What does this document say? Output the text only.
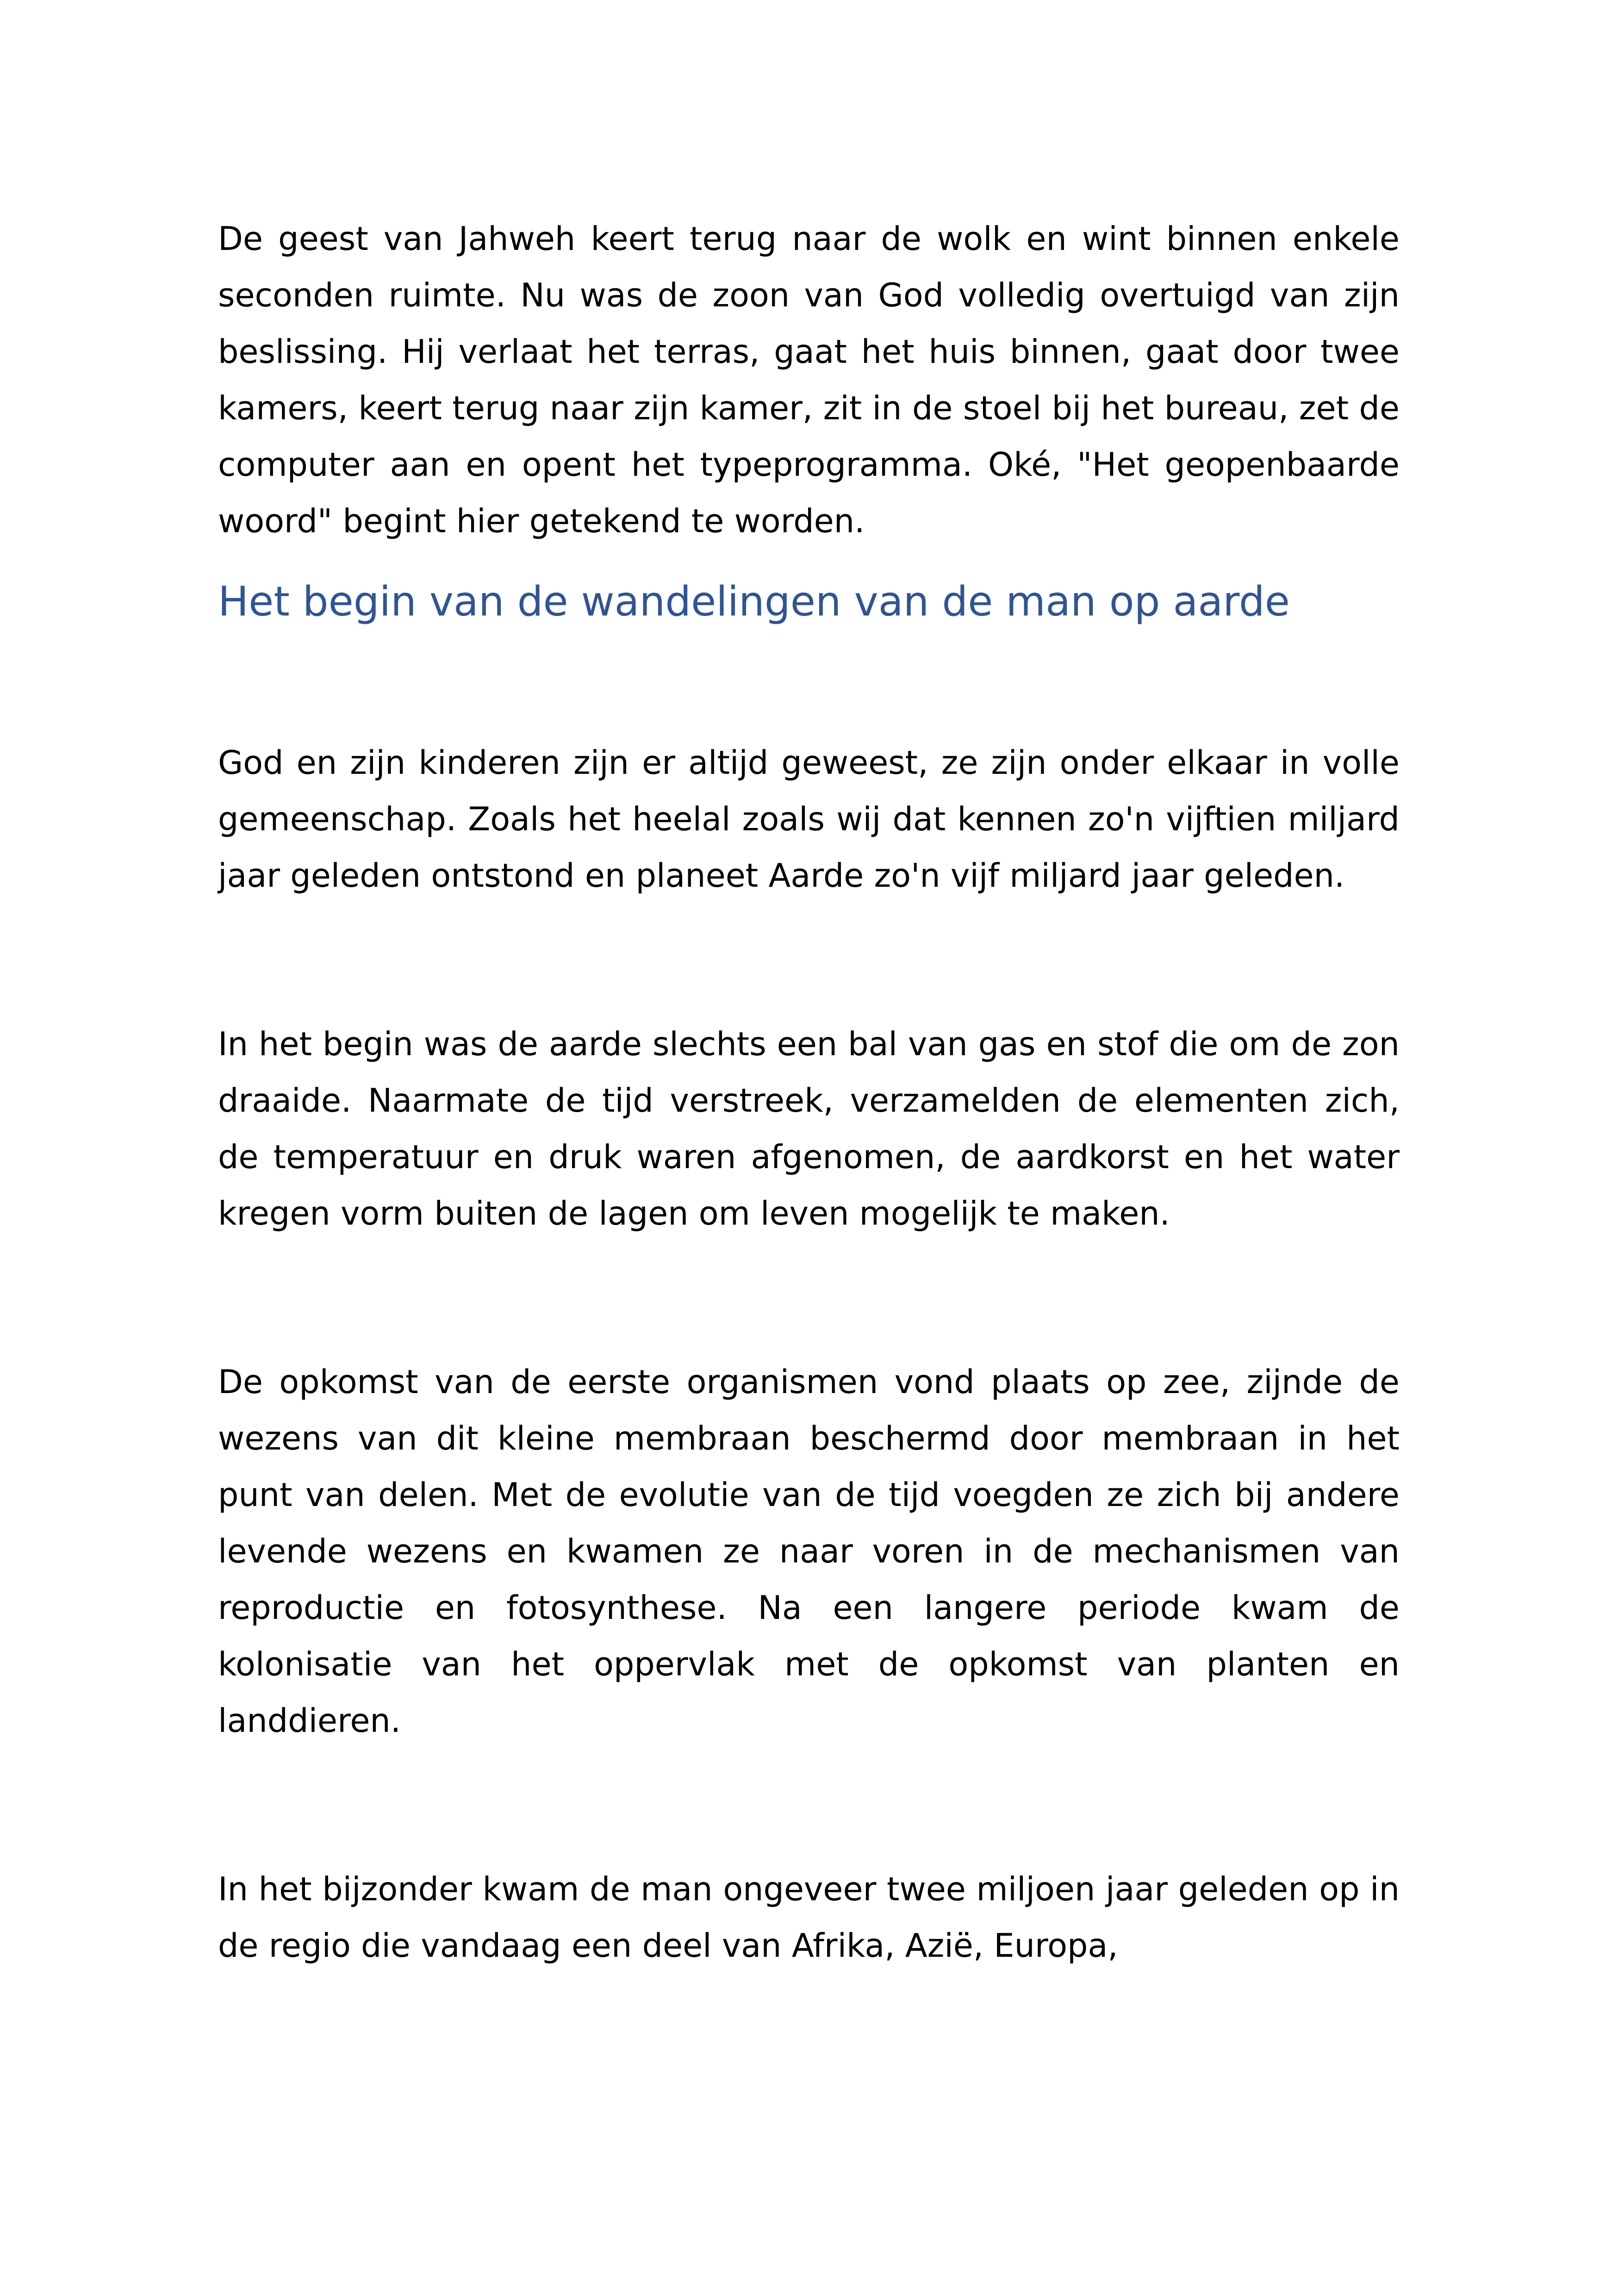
De geest van Jahweh keert terug naar de wolk en wint binnen enkele seconden ruimte. Nu was de zoon van God volledig overtuigd van zijn beslissing. Hij verlaat het terras, gaat het huis binnen, gaat door twee kamers, keert terug naar zijn kamer, zit in de stoel bij het bureau, zet de computer aan en opent het typeprogramma. Oké, "Het geopenbaarde woord" begint hier getekend te worden.

Het begin van de wandelingen van de man op aarde

God en zijn kinderen zijn er altijd geweest, ze zijn onder elkaar in volle gemeenschap. Zoals het heelal zoals wij dat kennen zo'n vijftien miljard jaar geleden ontstond en planeet Aarde zo'n vijf miljard jaar geleden.

In het begin was de aarde slechts een bal van gas en stof die om de zon draaide. Naarmate de tijd verstreek, verzamelden de elementen zich, de temperatuur en druk waren afgenomen, de aardkorst en het water kregen vorm buiten de lagen om leven mogelijk te maken.

De opkomst van de eerste organismen vond plaats op zee, zijnde de wezens van dit kleine membraan beschermd door membraan in het punt van delen. Met de evolutie van de tijd voegden ze zich bij andere levende wezens en kwamen ze naar voren in de mechanismen van reproductie en fotosynthese. Na een langere periode kwam de kolonisatie van het oppervlak met de opkomst van planten en landdieren.

In het bijzonder kwam de man ongeveer twee miljoen jaar geleden op in de regio die vandaag een deel van Afrika, Azië, Europa,
